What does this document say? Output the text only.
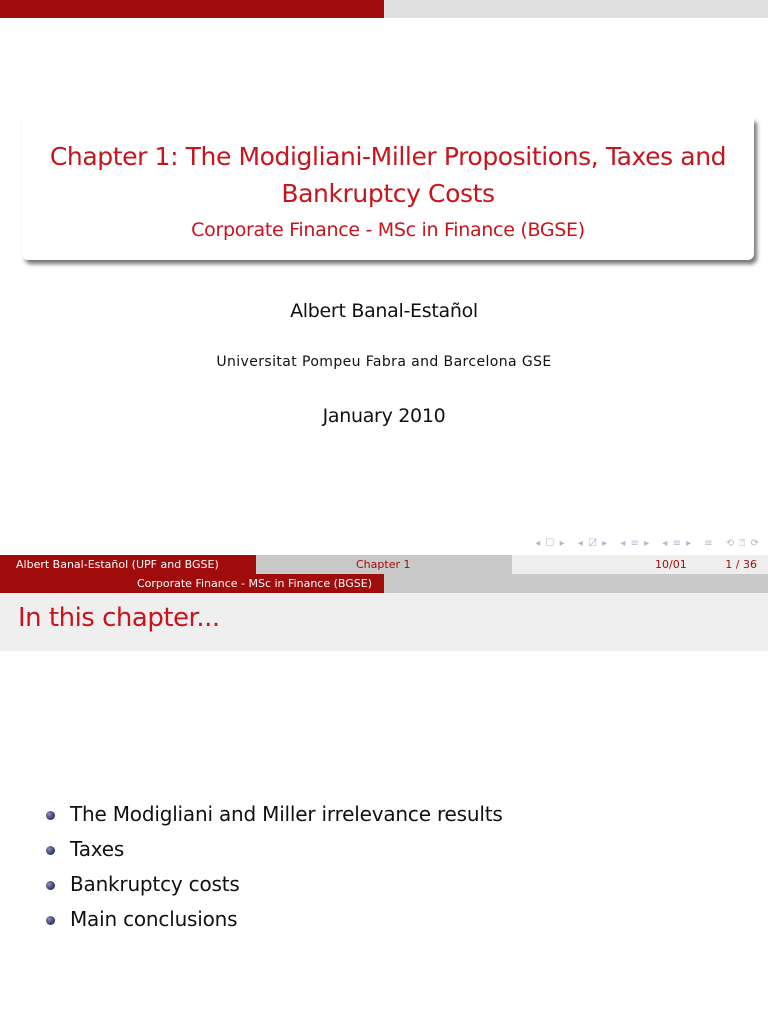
Chapter 1: The Modigliani-Miller Propositions, Taxes and Bankruptcy Costs
Corporate Finance - MSc in Finance (BGSE)
Albert Banal-Estañol
Universitat Pompeu Fabra and Barcelona GSE
January 2010
◂ ☐ ▸ ◂ ☐̸ ▸ ◂ ≡ ▸ ◂ ≡ ▸ ≡ ⟲ ⍰ ⟳
Albert Banal-Estañol (UPF and BGSE)	Chapter 1	10/01	1 / 36
Corporate Finance - MSc in Finance (BGSE)
In this chapter...
The Modigliani and Miller irrelevance results
Taxes
Bankruptcy costs
Main conclusions
